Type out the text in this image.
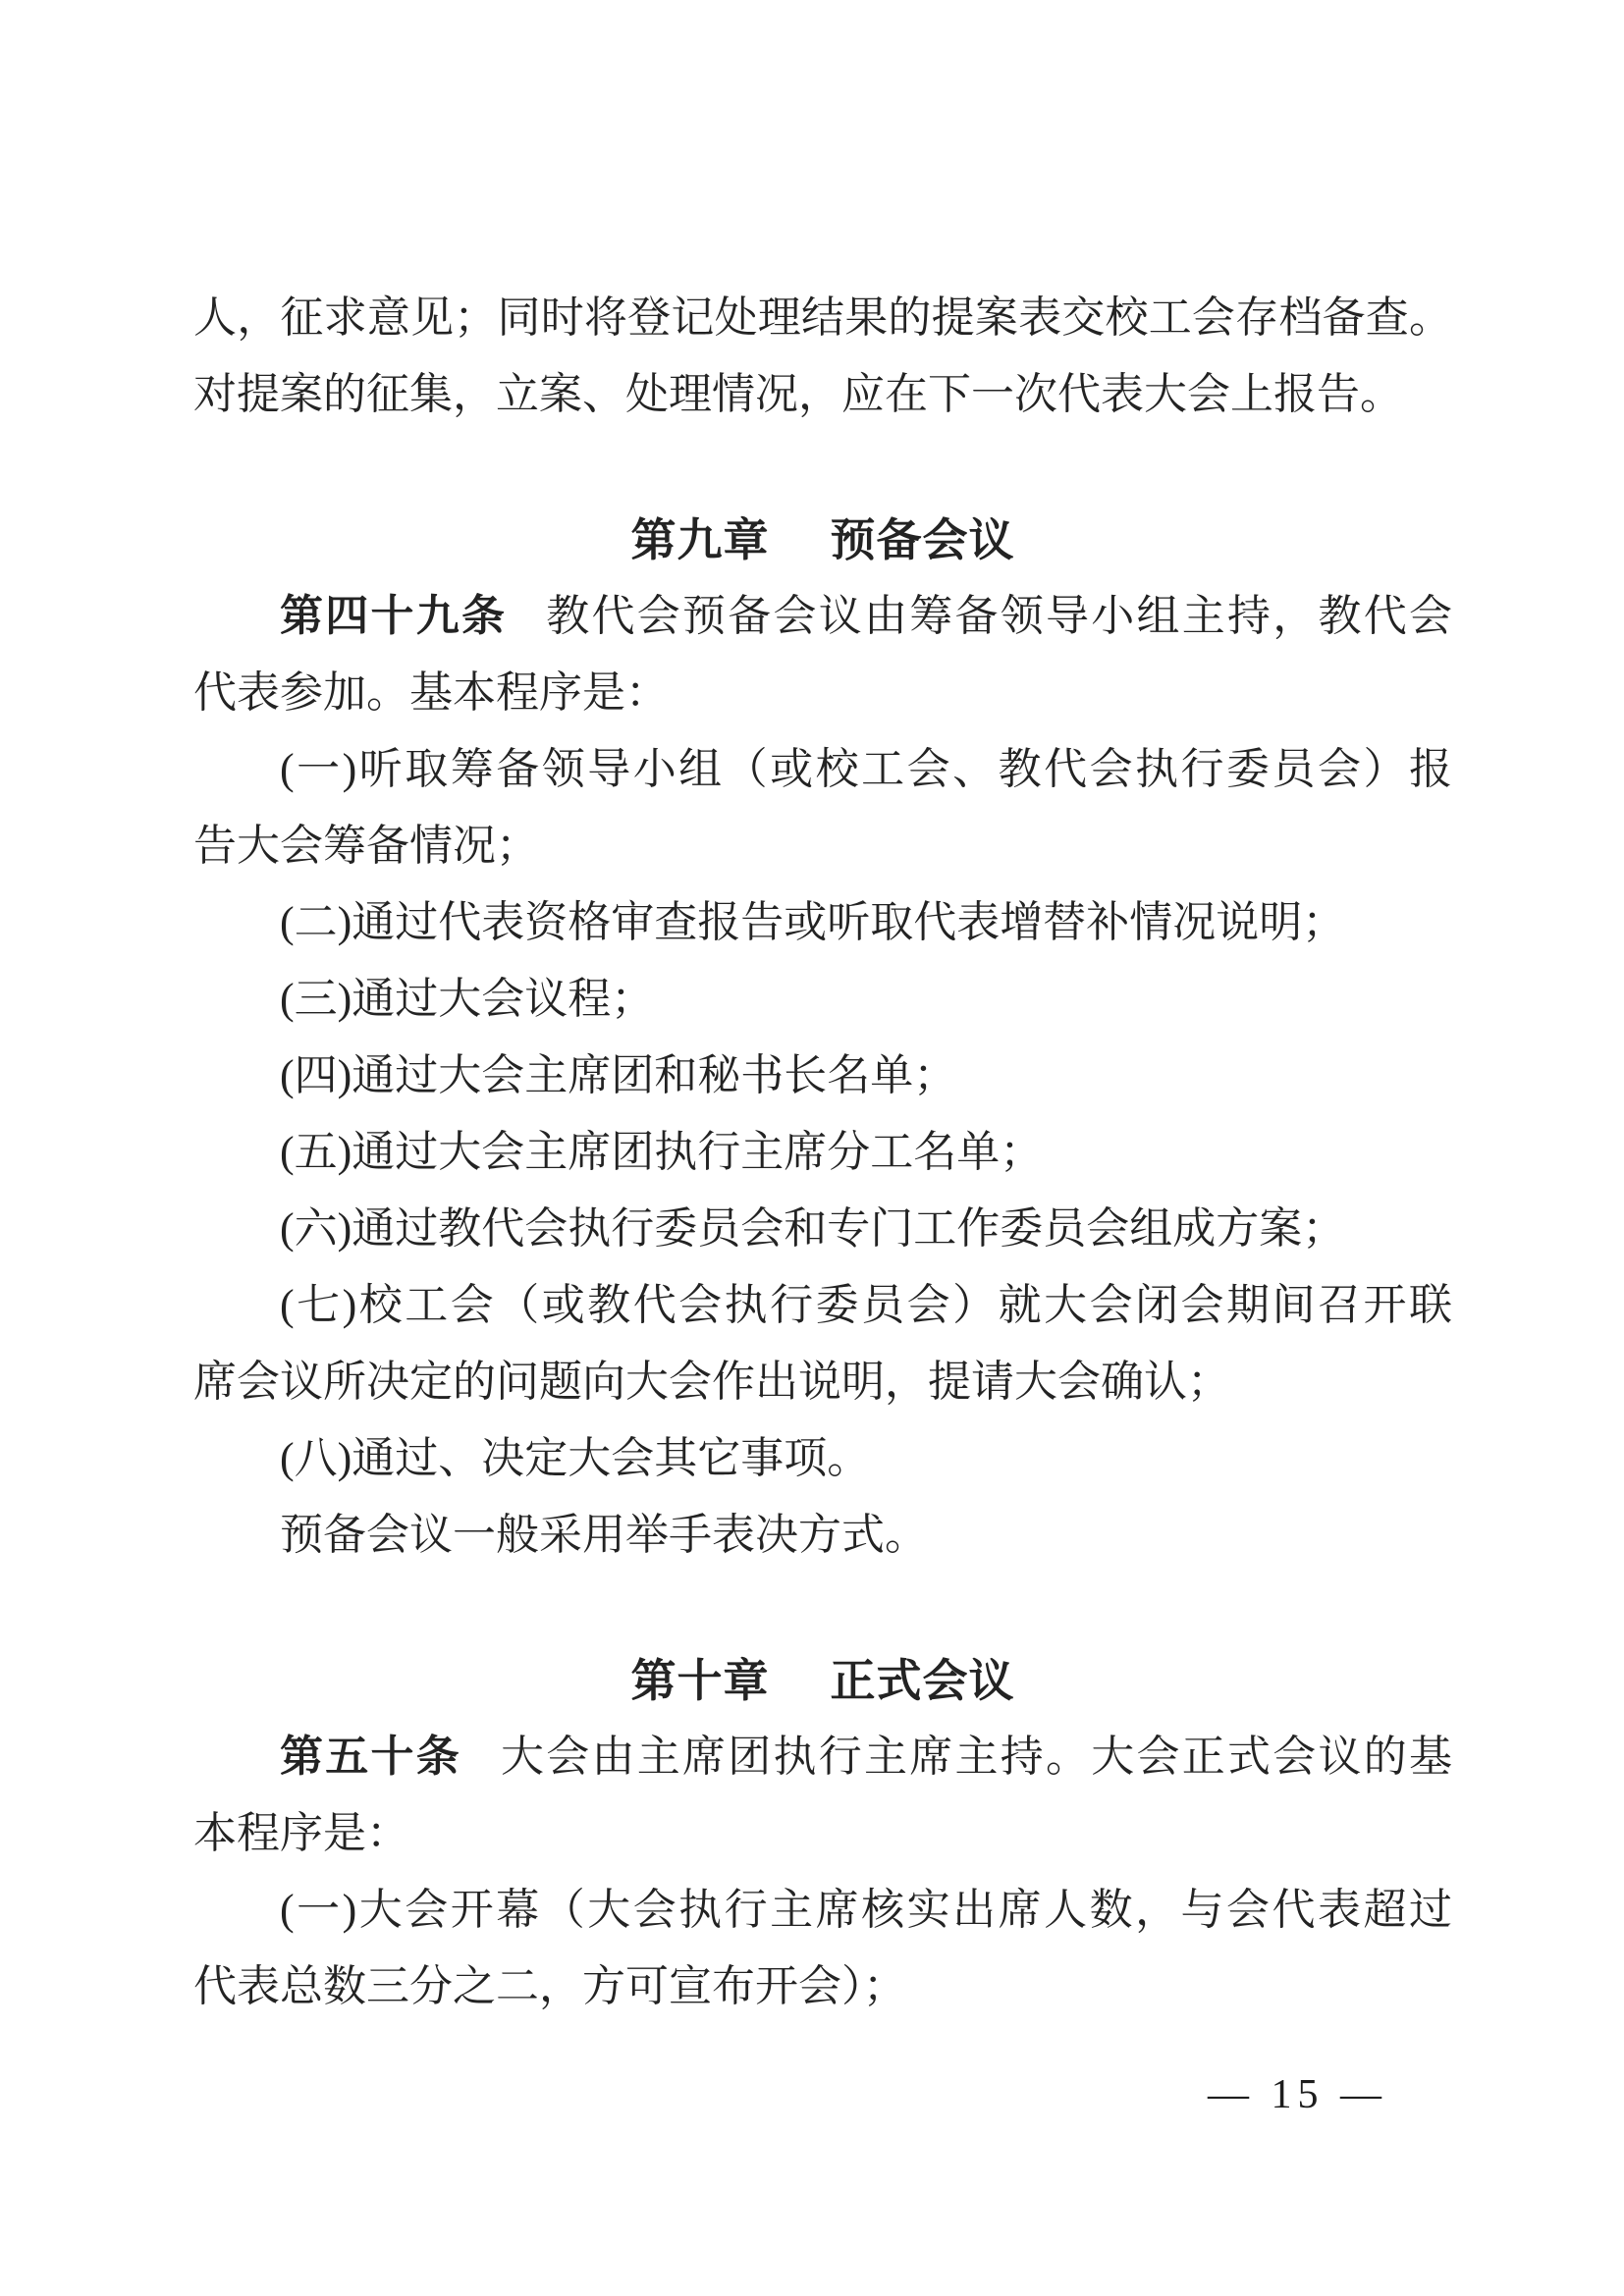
人，征求意见；同时将登记处理结果的提案表交校工会存档备查。
对提案的征集，立案、处理情况，应在下一次代表大会上报告。
第九章 预备会议
第四十九条 教代会预备会议由筹备领导小组主持，教代会
代表参加。基本程序是：
(一)听取筹备领导小组（或校工会、教代会执行委员会）报
告大会筹备情况；
(二)通过代表资格审查报告或听取代表增替补情况说明；
(三)通过大会议程；
(四)通过大会主席团和秘书长名单；
(五)通过大会主席团执行主席分工名单；
(六)通过教代会执行委员会和专门工作委员会组成方案；
(七)校工会（或教代会执行委员会）就大会闭会期间召开联
席会议所决定的问题向大会作出说明，提请大会确认；
(八)通过、决定大会其它事项。
预备会议一般采用举手表决方式。
第十章 正式会议
第五十条 大会由主席团执行主席主持。大会正式会议的基
本程序是：
(一)大会开幕（大会执行主席核实出席人数，与会代表超过
代表总数三分之二，方可宣布开会）；
— 15 —
